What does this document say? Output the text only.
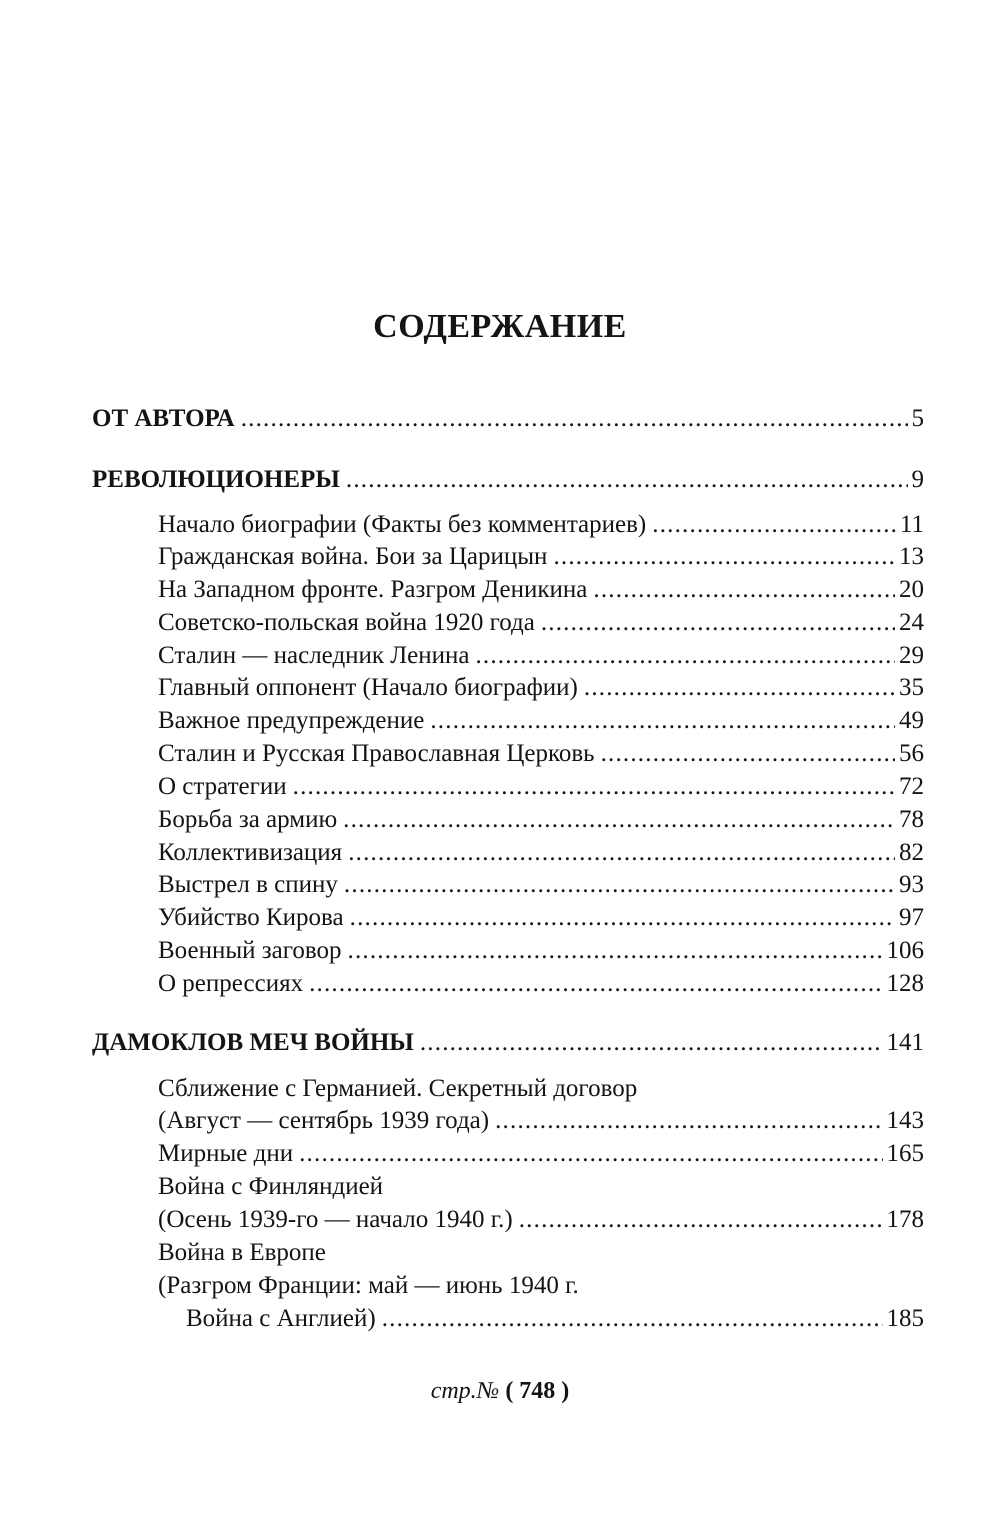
СОДЕРЖАНИЕ
ОТ АВТОРА .....	5
РЕВОЛЮЦИОНЕРЫ .....	9
Начало биографии (Факты без комментариев) .....	11
Гражданская война. Бои за Царицын .....	13
На Западном фронте. Разгром Деникина .....	20
Советско-польская война 1920 года .....	24
Сталин — наследник Ленина .....	29
Главный оппонент (Начало биографии) .....	35
Важное предупреждение .....	49
Сталин и Русская Православная Церковь .....	56
О стратегии .....	72
Борьба за армию .....	78
Коллективизация .....	82
Выстрел в спину .....	93
Убийство Кирова .....	97
Военный заговор .....	106
О репрессиях .....	128
ДАМОКЛОВ МЕЧ ВОЙНЫ .....	141
Сближение с Германией. Секретный договор
(Август — сентябрь 1939 года) .....	143
Мирные дни .....	165
Война с Финляндией
(Осень 1939-го — начало 1940 г.) .....	178
Война в Европе
(Разгром Франции: май — июнь 1940 г.
Война с Англией) .....	185
стр.№ ( 748 )
